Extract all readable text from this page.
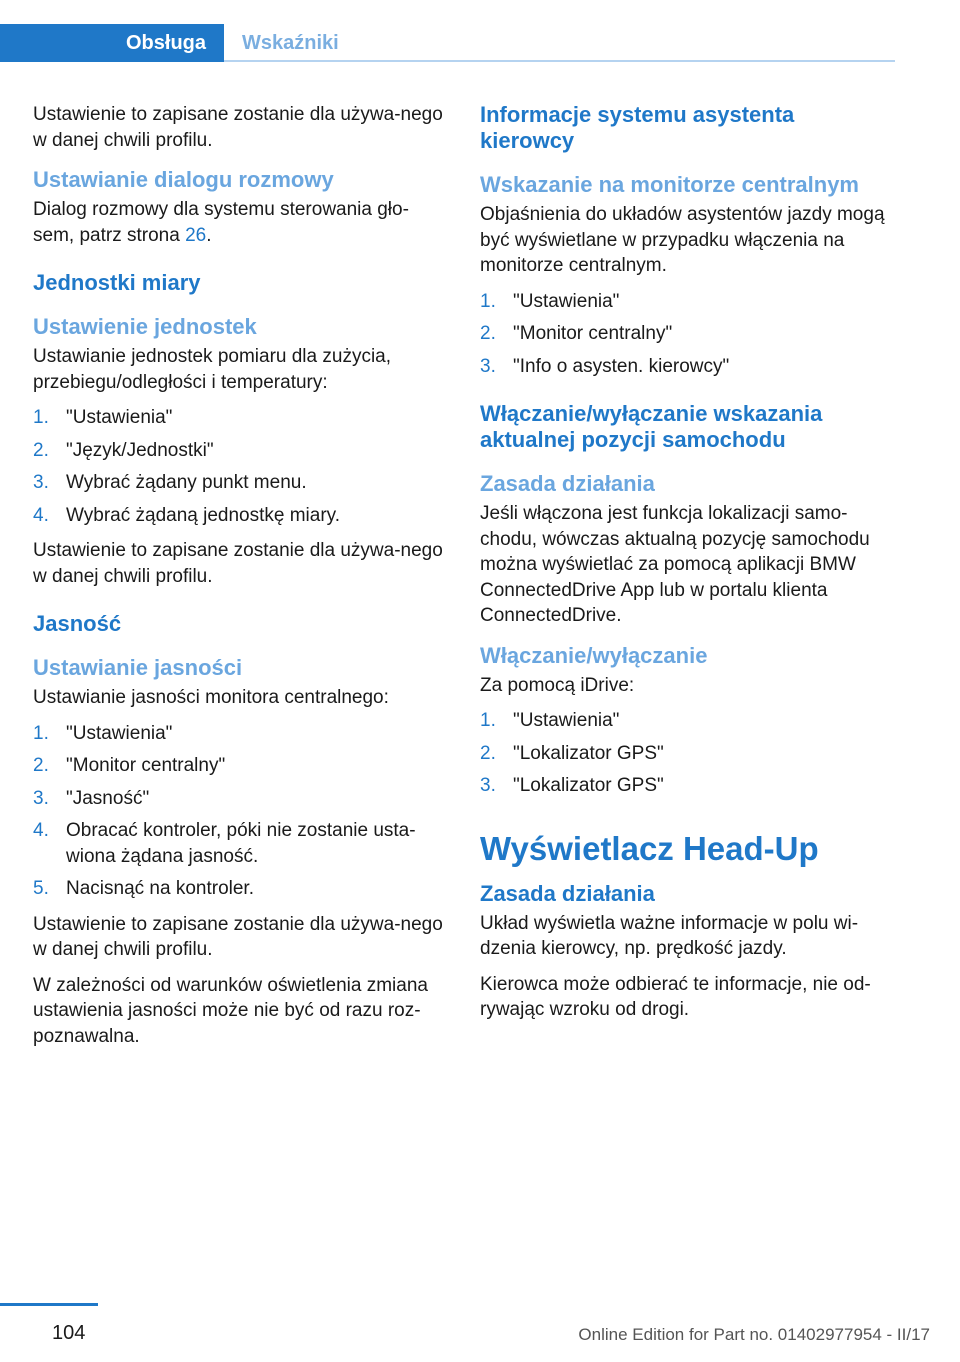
Obsługa Wskaźniki

Ustawienie to zapisane zostanie dla używa-nego w danej chwili profilu.

Ustawianie dialogu rozmowy

Dialog rozmowy dla systemu sterowania gło-sem, patrz strona 26.

Jednostki miary
Ustawienie jednostek

Ustawianie jednostek pomiaru dla zużycia, przebiegu/odległości i temperatury:

1. "Ustawienia"
2. "Język/Jednostki"
3. Wybrać żądany punkt menu.
4. Wybrać żądaną jednostkę miary.

Ustawienie to zapisane zostanie dla używa-nego w danej chwili profilu.

Jasność
Ustawianie jasności

Ustawianie jasności monitora centralnego:

1. "Ustawienia"
2. "Monitor centralny"
3. "Jasność"
4. Obracać kontroler, póki nie zostanie usta-wiona żądana jasność.
5. Nacisnąć na kontroler.

Ustawienie to zapisane zostanie dla używa-nego w danej chwili profilu.

W zależności od warunków oświetlenia zmiana ustawienia jasności może nie być od razu roz-poznawalna.

Informacje systemu asystenta kierowcy
Wskazanie na monitorze centralnym

Objaśnienia do układów asystentów jazdy mogą być wyświetlane w przypadku włączenia na monitorze centralnym.

1. "Ustawienia"
2. "Monitor centralny"
3. "Info o asysten. kierowcy"
Włączanie/wyłączanie wskazania aktualnej pozycji samochodu
Zasada działania

Jeśli włączona jest funkcja lokalizacji samo-chodu, wówczas aktualną pozycję samochodu można wyświetlać za pomocą aplikacji BMW ConnectedDrive App lub w portalu klienta ConnectedDrive.

Włączanie/wyłączanie

Za pomocą iDrive:

1. "Ustawienia"
2. "Lokalizator GPS"
3. "Lokalizator GPS"
Wyświetlacz Head-Up
Zasada działania

Układ wyświetla ważne informacje w polu wi-dzenia kierowcy, np. prędkość jazdy.

Kierowca może odbierać te informacje, nie od-rywając wzroku od drogi.

104	Online Edition for Part no. 01402977954 - II/17
